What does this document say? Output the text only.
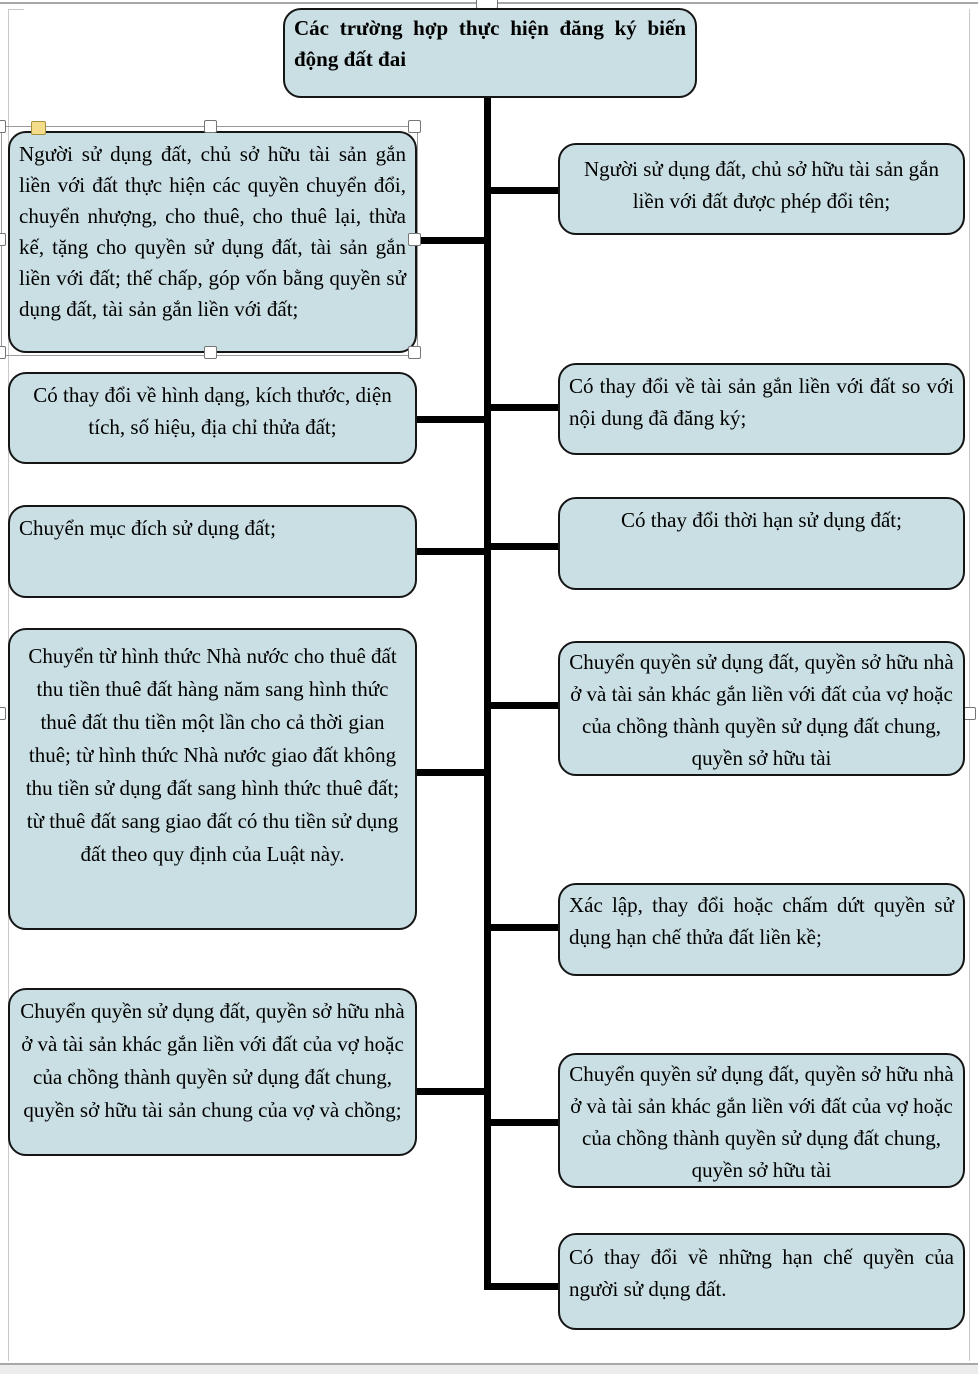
Các trường hợp thực hiện đăng ký biến động đất đai
Người sử dụng đất, chủ sở hữu tài sản gắn liền với đất thực hiện các quyền chuyển đổi, chuyển nhượng, cho thuê, cho thuê lại, thừa kế, tặng cho quyền sử dụng đất, tài sản gắn liền với đất; thế chấp, góp vốn bằng quyền sử dụng đất, tài sản gắn liền với đất;
Có thay đổi về hình dạng, kích thước, diện tích, số hiệu, địa chỉ thửa đất;
Chuyển mục đích sử dụng đất;
Chuyển từ hình thức Nhà nước cho thuê đất thu tiền thuê đất hàng năm sang hình thức thuê đất thu tiền một lần cho cả thời gian thuê; từ hình thức Nhà nước giao đất không thu tiền sử dụng đất sang hình thức thuê đất; từ thuê đất sang giao đất có thu tiền sử dụng đất theo quy định của Luật này.
Chuyển quyền sử dụng đất, quyền sở hữu nhà ở và tài sản khác gắn liền với đất của vợ hoặc của chồng thành quyền sử dụng đất chung, quyền sở hữu tài sản chung của vợ và chồng;
Người sử dụng đất, chủ sở hữu tài sản gắn liền với đất được phép đổi tên;
Có thay đổi về tài sản gắn liền với đất so với nội dung đã đăng ký;
Có thay đổi thời hạn sử dụng đất;
Chuyển quyền sử dụng đất, quyền sở hữu nhà ở và tài sản khác gắn liền với đất của vợ hoặc của chồng thành quyền sử dụng đất chung, quyền sở hữu tài
Xác lập, thay đổi hoặc chấm dứt quyền sử dụng hạn chế thửa đất liền kề;
Chuyển quyền sử dụng đất, quyền sở hữu nhà ở và tài sản khác gắn liền với đất của vợ hoặc của chồng thành quyền sử dụng đất chung, quyền sở hữu tài
Có thay đổi về những hạn chế quyền của người sử dụng đất.
